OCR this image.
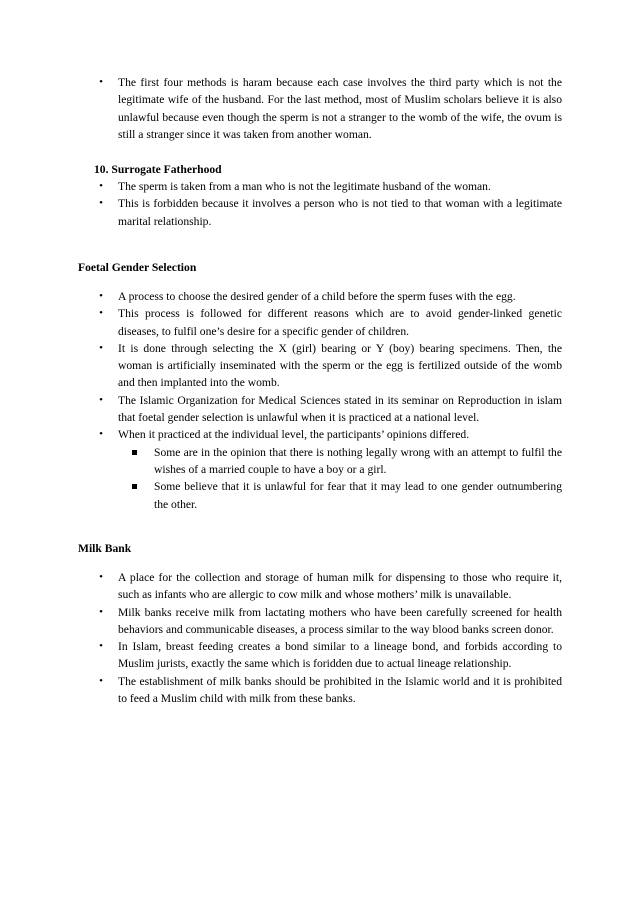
•	The first four methods is haram because each case involves the third party which is not the legitimate wife of the husband. For the last method, most of Muslim scholars believe it is also unlawful because even though the sperm is not a stranger to the womb of the wife, the ovum is still a stranger since it was taken from another woman.
10. Surrogate Fatherhood
•	The sperm is taken from a man who is not the legitimate husband of the woman.
•	This is forbidden because it involves a person who is not tied to that woman with a legitimate marital relationship.
Foetal Gender Selection
•	A process to choose the desired gender of a child before the sperm fuses with the egg.
•	This process is followed for different reasons which are to avoid gender-linked genetic diseases, to fulfil one’s desire for a specific gender of children.
•	It is done through selecting the X (girl) bearing or Y (boy) bearing specimens. Then, the woman is artificially inseminated with the sperm or the egg is fertilized outside of the womb and then implanted into the womb.
•	The Islamic Organization for Medical Sciences stated in its seminar on Reproduction in islam that foetal gender selection is unlawful when it is practiced at a national level.
•	When it practiced at the individual level, the participants’ opinions differed.
Some are in the opinion that there is nothing legally wrong with an attempt to fulfil the wishes of a married couple to have a boy or a girl.
Some believe that it is unlawful for fear that it may lead to one gender outnumbering the other.
Milk Bank
•	A place for the collection and storage of human milk for dispensing to those who require it, such as infants who are allergic to cow milk and whose mothers’ milk is unavailable.
•	Milk banks receive milk from lactating mothers who have been carefully screened for health behaviors and communicable diseases, a process similar to the way blood banks screen donor.
•	In Islam, breast feeding creates a bond similar to a lineage bond, and forbids according to Muslim jurists, exactly the same which is foridden due to actual lineage relationship.
•	The establishment of milk banks should be prohibited in the Islamic world and it is prohibited to feed a Muslim child with milk from these banks.
